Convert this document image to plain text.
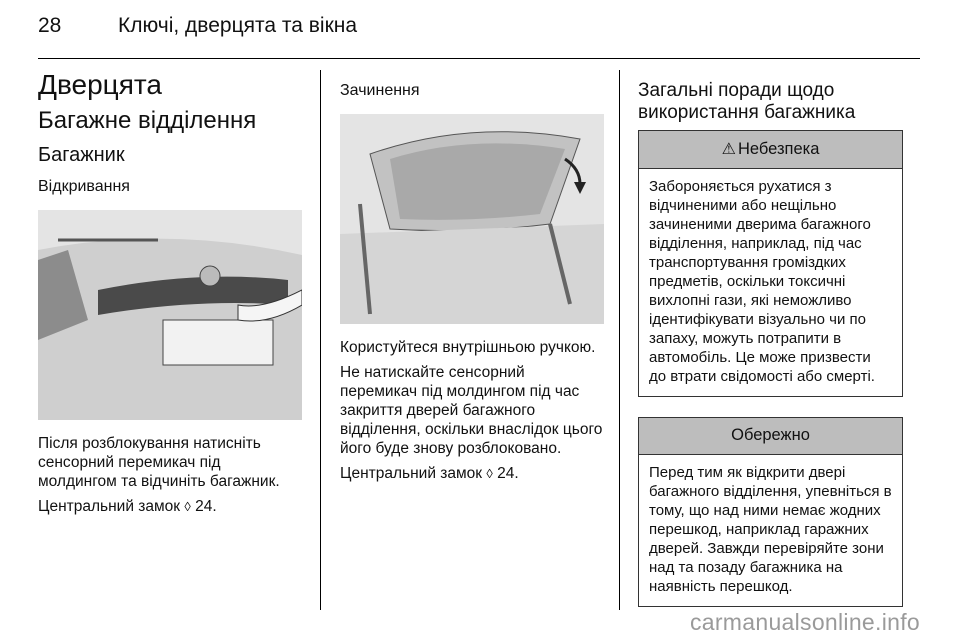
28	Ключі, дверцята та вікна
Дверцята
Багажне відділення
Багажник
Відкривання

Після розблокування натисніть сенсорний перемикач під молдингом та відчиніть багажник.

Центральний замок ◊ 24.

Зачинення

Користуйтеся внутрішньою ручкою.

Не натискайте сенсорний перемикач під молдингом під час закриття дверей багажного відділення, оскільки внаслідок цього його буде знову розблоковано.

Центральний замок ◊ 24.

Загальні поради щодо використання багажника
⚠ Небезпека
Забороняється рухатися з відчиненими або нещільно зачиненими дверима багажного відділення, наприклад, під час транспортування громіздких предметів, оскільки токсичні вихлопні гази, які неможливо ідентифікувати візуально чи по запаху, можуть потрапити в автомобіль. Це може призвести до втрати свідомості або смерті.
Обережно
Перед тим як відкрити двері багажного відділення, упевніться в тому, що над ними немає жодних перешкод, наприклад гаражних дверей. Завжди перевіряйте зони над та позаду багажника на наявність перешкод.
carmanualsonline.info
